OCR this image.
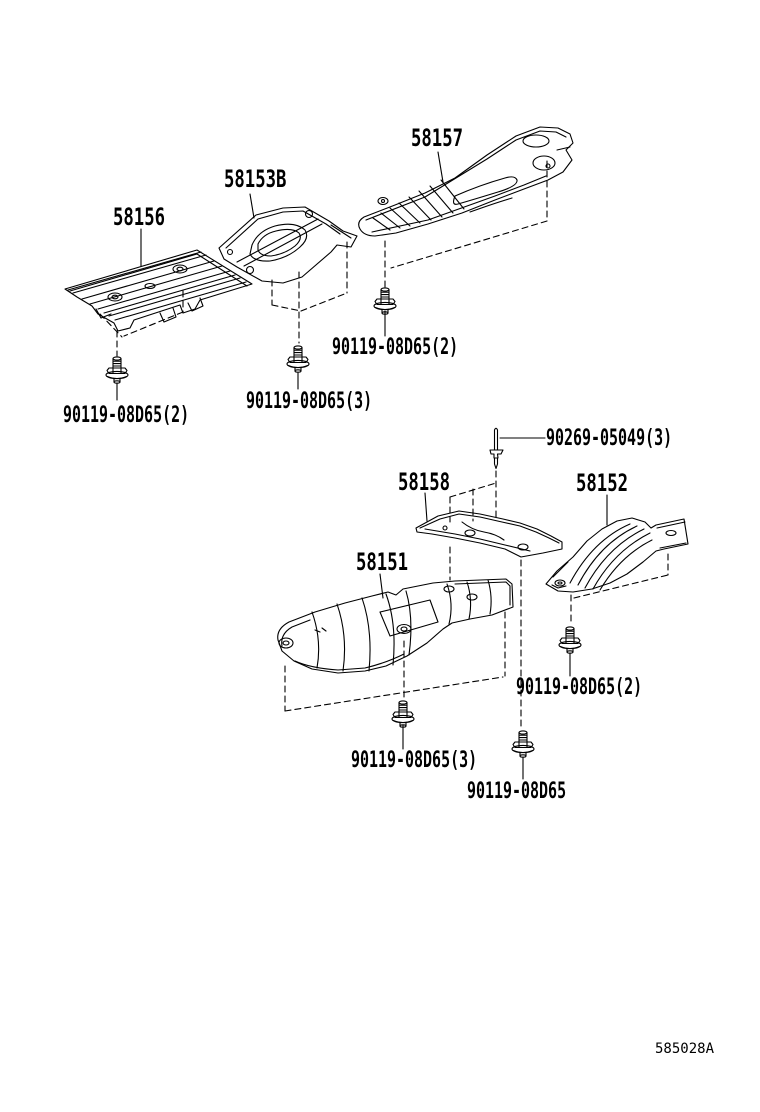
58156
58153B
58157
58158	58152
58151
90119-08D65(2)
90119-08D65(3)
90119-08D65(2)
90269-05049(3)
90119-08D65(2)
90119-08D65(3)
90119-08D65
585028A
